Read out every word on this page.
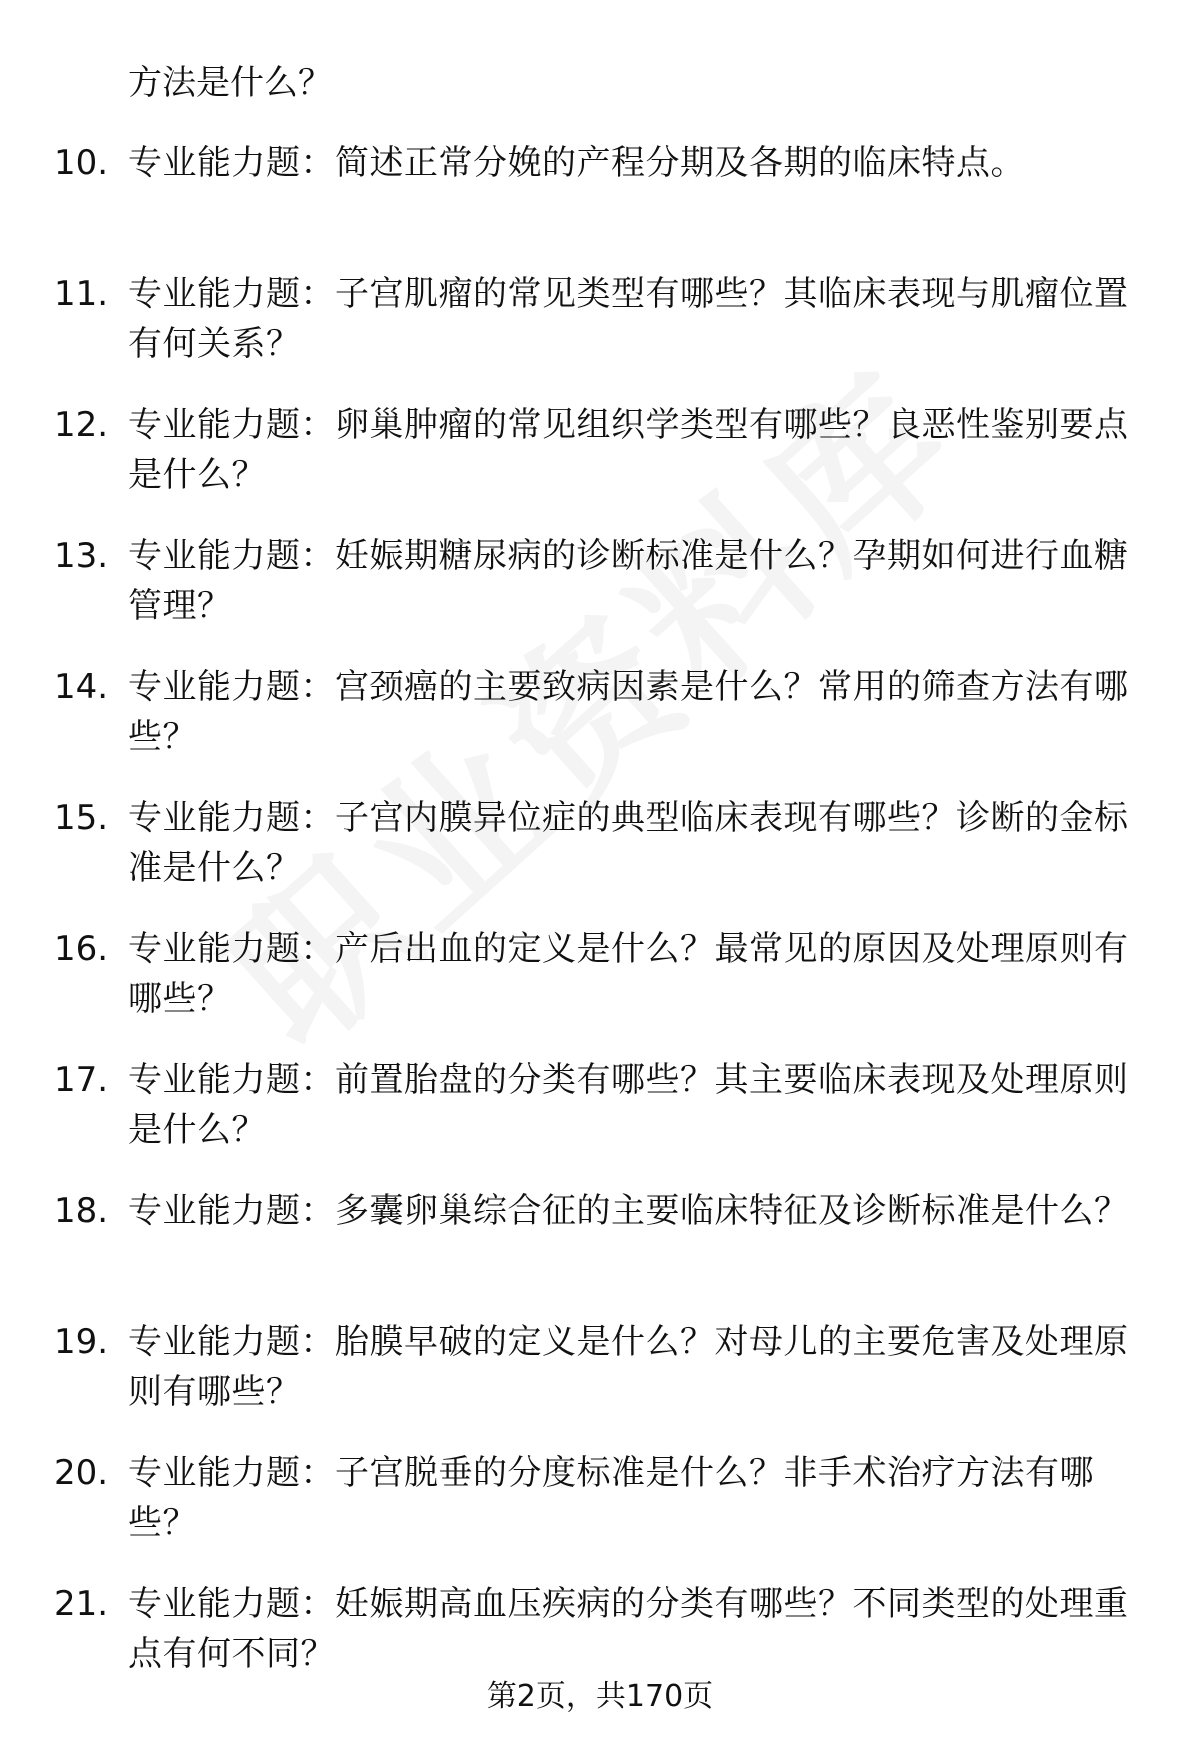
方法是什么？
10. 专业能力题：简述正常分娩的产程分期及各期的临床特点。
11. 专业能力题：子宫肌瘤的常见类型有哪些？其临床表现与肌瘤位置有何关系？
12. 专业能力题：卵巢肿瘤的常见组织学类型有哪些？良恶性鉴别要点是什么？
13. 专业能力题：妊娠期糖尿病的诊断标准是什么？孕期如何进行血糖管理？
14. 专业能力题：宫颈癌的主要致病因素是什么？常用的筛查方法有哪些？
15. 专业能力题：子宫内膜异位症的典型临床表现有哪些？诊断的金标准是什么？
16. 专业能力题：产后出血的定义是什么？最常见的原因及处理原则有哪些？
17. 专业能力题：前置胎盘的分类有哪些？其主要临床表现及处理原则是什么？
18. 专业能力题：多囊卵巢综合征的主要临床特征及诊断标准是什么？
19. 专业能力题：胎膜早破的定义是什么？对母儿的主要危害及处理原则有哪些？
20. 专业能力题：子宫脱垂的分度标准是什么？非手术治疗方法有哪些？
21. 专业能力题：妊娠期高血压疾病的分类有哪些？不同类型的处理重点有何不同？
第2页，共170页
